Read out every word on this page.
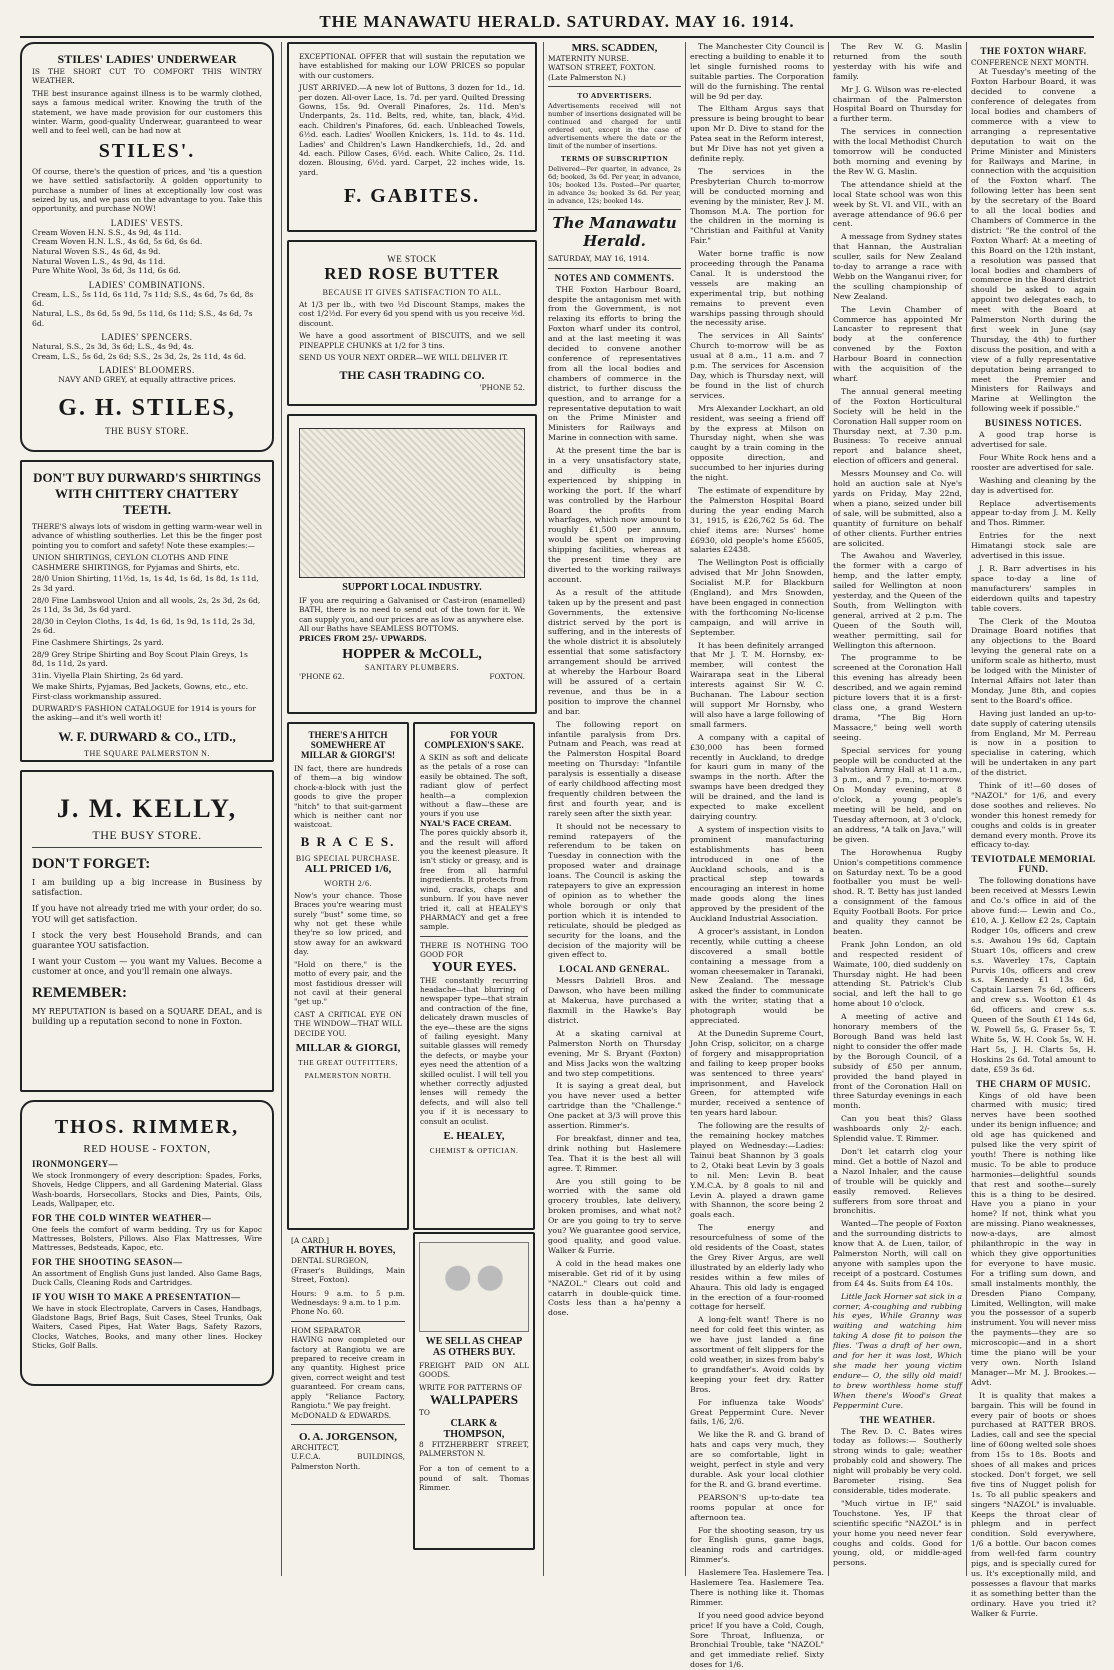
THE MANAWATU HERALD. SATURDAY. MAY 16. 1914.
STILES' LADIES' UNDERWEAR
IS THE SHORT CUT TO COMFORT THIS WINTRY WEATHER.
THE best insurance against illness is to be warmly clothed, says a famous medical writer. Knowing the truth of the statement, we have made provision for our customers this winter. Warm, good-quality Underwear, guaranteed to wear well and to feel well, can be had now at
STILES'.
Of course, there's the question of prices, and 'tis a question we have settled satisfactorily. A golden opportunity to purchase a number of lines at exceptionally low cost was seized by us, and we pass on the advantage to you. Take this opportunity, and purchase NOW!
LADIES' VESTS.
Cream Woven H.N. S.S., 4s 9d, 4s 11d.
Cream Woven H.N. L.S., 4s 6d, 5s 6d, 6s 6d.
Natural Woven S.S., 4s 6d, 4s 9d.
Natural Woven L.S., 4s 9d, 4s 11d.
Pure White Wool, 3s 6d, 3s 11d, 6s 6d.
LADIES' COMBINATIONS.
Cream, L.S., 5s 11d, 6s 11d, 7s 11d; S.S., 4s 6d, 7s 6d, 8s 6d.
Natural, L.S., 8s 6d, 5s 9d, 5s 11d, 6s 11d; S.S., 4s 6d, 7s 6d.
LADIES' SPENCERS.
Natural, S.S., 2s 3d, 3s 6d; L.S., 4s 9d, 4s.
Cream, L.S., 5s 6d, 2s 6d; S.S., 2s 3d, 2s, 2s 11d, 4s 6d.
LADIES' BLOOMERS.
NAVY AND GREY, at equally attractive prices.
G. H. STILES,
THE BUSY STORE.
DON'T BUY DURWARD'S SHIRTINGS WITH CHITTERY CHATTERY TEETH.
THERE'S always lots of wisdom in getting warm-wear well in advance of whistling southerlies. Let this be the finger post pointing you to comfort and safety! Note these examples:—
UNION SHIRTINGS, CEYLON CLOTHS AND FINE CASHMERE SHIRTINGS, for Pyjamas and Shirts, etc.
28/0 Union Shirting, 11½d, 1s, 1s 4d, 1s 6d, 1s 8d, 1s 11d, 2s 3d yard.
28/0 Fine Lambswool Union and all wools, 2s, 2s 3d, 2s 6d, 2s 11d, 3s 3d, 3s 6d yard.
28/30 in Ceylon Cloths, 1s 4d, 1s 6d, 1s 9d, 1s 11d, 2s 3d, 2s 6d.
Fine Cashmere Shirtings, 2s yard.
28/9 Grey Stripe Shirting and Boy Scout Plain Greys, 1s 8d, 1s 11d, 2s yard.
31in. Viyella Plain Shirting, 2s 6d yard.
We make Shirts, Pyjamas, Bed Jackets, Gowns, etc., etc. First-class workmanship assured.
DURWARD'S FASHION CATALOGUE for 1914 is yours for the asking—and it's well worth it!
W. F. DURWARD & CO., LTD.,
THE SQUARE PALMERSTON N.
J. M. KELLY,
THE BUSY STORE.
DON'T FORGET:
I am building up a big increase in Business by satisfaction.
If you have not already tried me with your order, do so. YOU will get satisfaction.
I stock the very best Household Brands, and can guarantee YOU satisfaction.
I want your Custom — you want my Values. Become a customer at once, and you'll remain one always.
REMEMBER:
MY REPUTATION is based on a SQUARE DEAL, and is building up a reputation second to none in Foxton.
THOS. RIMMER,
RED HOUSE - FOXTON,
IRONMONGERY—
We stock Ironmongery of every description: Spades, Forks, Shovels, Hedge Clippers, and all Gardening Material. Glass Wash-boards, Horsecollars, Stocks and Dies, Paints, Oils, Leads, Wallpaper, etc.
FOR THE COLD WINTER WEATHER—
One feels the comfort of warm bedding. Try us for Kapoc Mattresses, Bolsters, Pillows. Also Flax Mattresses, Wire Mattresses, Bedsteads, Kapoc, etc.
FOR THE SHOOTING SEASON—
An assortment of English Guns just landed. Also Game Bags, Duck Calls, Cleaning Rods and Cartridges.
IF YOU WISH TO MAKE A PRESENTATION—
We have in stock Electroplate, Carvers in Cases, Handbags, Gladstone Bags, Brief Bags, Suit Cases, Steel Trunks, Oak Waiters, Cased Pipes, Hat Water Bags, Safety Razors, Clocks, Watches, Books, and many other lines. Hockey Sticks, Golf Balls.
EXCEPTIONAL OFFER that will sustain the reputation we have established for making our LOW PRICES so popular with our customers.
JUST ARRIVED.—A new lot of Buttons, 3 dozen for 1d., 1d. per dozen. All-over Lace, 1s. 7d. per yard. Quilted Dressing Gowns, 15s. 9d. Overall Pinafores, 2s. 11d. Men's Underpants, 2s. 11d. Belts, red, white, tan, black, 4½d. each. Children's Pinafores, 6d. each. Unbleached Towels, 6½d. each. Ladies' Woollen Knickers, 1s. 11d. to 4s. 11d. Ladies' and Children's Lawn Handkerchiefs, 1d., 2d. and 4d. each. Pillow Cases, 6½d. each. White Calico, 2s. 11d. dozen. Blousing, 6½d. yard. Carpet, 22 inches wide, 1s. yard.
F. GABITES.
WE STOCK
RED ROSE BUTTER
BECAUSE IT GIVES SATISFACTION TO ALL.
At 1/3 per lb., with two ½d Discount Stamps, makes the cost 1/2½d. For every 6d you spend with us you receive ½d. discount.
We have a good assortment of BISCUITS, and we sell PINEAPPLE CHUNKS at 1/2 for 3 tins.
SEND US YOUR NEXT ORDER—WE WILL DELIVER IT.
THE CASH TRADING CO.
'PHONE 52.
SUPPORT LOCAL INDUSTRY.
IF you are requiring a Galvanised or Cast-iron (enamelled) BATH, there is no need to send out of the town for it. We can supply you, and our prices are as low as anywhere else.
All our Baths have SEAMLESS BOTTOMS.
PRICES FROM 25/- UPWARDS.
HOPPER & McCOLL,
SANITARY PLUMBERS.
'PHONE 62.	FOXTON.
THERE'S A HITCH SOMEWHERE AT MILLAR & GIORGI'S!
IN fact, there are hundreds of them—a big window chock-a-block with just the goods to give the proper "hitch" to that suit-garment which is neither cant nor waistcoat.
B R A C E S.
BIG SPECIAL PURCHASE.
ALL PRICED 1/6,
WORTH 2/6.
Now's your chance. Those Braces you're wearing must surely "bust" some time, so why not get these while they're so low priced, and stow away for an awkward day.
"Hold on there," is the motto of every pair, and the most fastidious dresser will not cavil at their general "get up."
CAST A CRITICAL EYE ON THE WINDOW—THAT WILL DECIDE YOU.
MILLAR & GIORGI,
THE GREAT OUTFITTERS,
PALMERSTON NORTH.
FOR YOUR COMPLEXION'S SAKE.
A SKIN as soft and delicate as the petals of a rose can easily be obtained. The soft, radiant glow of perfect health—a complexion without a flaw—these are yours if you use
NYAL'S FACE CREAM.
The pores quickly absorb it, and the result will afford you the keenest pleasure. It isn't sticky or greasy, and is free from all harmful ingredients. It protects from wind, cracks, chaps and sunburn. If you have never tried it, call at HEALEY'S PHARMACY and get a free sample.
THERE IS NOTHING TOO GOOD FOR
YOUR EYES.
THE constantly recurring headache—that blurring of newspaper type—that strain and contraction of the fine, delicately drawn muscles of the eye—these are the signs of failing eyesight. Many suitable glasses will remedy the defects, or maybe your eyes need the attention of a skilled oculist. I will tell you whether correctly adjusted lenses will remedy the defects, and will also tell you if it is necessary to consult an oculist.
E. HEALEY,
CHEMIST & OPTICIAN.
[A CARD.]
ARTHUR H. BOYES,
DENTAL SURGEON,
(Fraser's Buildings, Main Street, Foxton).
Hours: 9 a.m. to 5 p.m. Wednesdays: 9 a.m. to 1 p.m.
Phone No. 60.
HOM SEPARATOR
HAVING now completed our factory at Rangiotu we are prepared to receive cream in any quantity. Highest price given, correct weight and test guaranteed. For cream cans, apply "Reliance Factory, Rangiotu." We pay freight.
McDONALD & EDWARDS.
O. A. JORGENSON,
ARCHITECT,
U.F.C.A. BUILDINGS, Palmerston North.
WE SELL AS CHEAP AS OTHERS BUY.
FREIGHT PAID ON ALL GOODS.
WRITE FOR PATTERNS OF
WALLPAPERS
TO
CLARK & THOMPSON,
8 FITZHERBERT STREET, PALMERSTON N.
For a ton of cement to a pound of salt. Thomas Rimmer.
MRS. SCADDEN,
MATERNITY NURSE.
WATSON STREET, FOXTON.
(Late Palmerston N.)
TO ADVERTISERS.
Advertisements received will not number of insertions designated will be continued and charged for until ordered out, except in the case of advertisements where the date or the limit of the number of insertions.
TERMS OF SUBSCRIPTION
Delivered—Per quarter, in advance, 2s 6d; booked, 3s 6d. Per year, in advance, 10s; booked 13s. Posted—Per quarter, in advance 3s; booked 3s 6d. Per year, in advance, 12s; booked 14s.
The Manawatu Herald.
SATURDAY, MAY 16, 1914.
NOTES AND COMMENTS.

THE Foxton Harbour Board, despite the antagonism met with from the Government, is not relaxing its efforts to bring the Foxton wharf under its control, and at the last meeting it was decided to convene another conference of representatives from all the local bodies and chambers of commerce in the district, to further discuss the question, and to arrange for a representative deputation to wait on the Prime Minister and Ministers for Railways and Marine in connection with same.

At the present time the bar is in a very unsatisfactory state, and difficulty is being experienced by shipping in working the port. If the wharf was controlled by the Harbour Board the profits from wharfages, which now amount to roughly £1,500 per annum, would be spent on improving shipping facilities, whereas at the present time they are diverted to the working railways account.

As a result of the attitude taken up by the present and past Governments, the extensive district served by the port is suffering, and in the interests of the whole district it is absolutely essential that some satisfactory arrangement should be arrived at whereby the Harbour Board will be assured of a certain revenue, and thus be in a position to improve the channel and bar.

The following report on infantile paralysis from Drs. Putnam and Peach, was read at the Palmerston Hospital Board meeting on Thursday: "Infantile paralysis is essentially a disease of early childhood affecting most frequently children between the first and fourth year, and is rarely seen after the sixth year.

It should not be necessary to remind ratepayers of the referendum to be taken on Tuesday in connection with the proposed water and drainage loans. The Council is asking the ratepayers to give an expression of opinion as to whether the whole borough or only that portion which it is intended to reticulate, should be pledged as security for the loans, and the decision of the majority will be given effect to.

LOCAL AND GENERAL.

Messrs Dalziell Bros. and Dawson, who have been milling at Makerua, have purchased a flaxmill in the Hawke's Bay district.

At a skating carnival at Palmerston North on Thursday evening, Mr S. Bryant (Foxton) and Miss Jacks won the waltzing and two step competitions.

It is saying a great deal, but you have never used a better cartridge than the "Challenge." One packet at 3/3 will prove this assertion. Rimmer's.

For breakfast, dinner and tea, drink nothing but Haslemere Tea. That it is the best all will agree. T. Rimmer.

Are you still going to be worried with the same old grocery troubles, late delivery, broken promises, and what not? Or are you going to try to serve you? We guarantee good service, good quality, and good value. Walker & Furrie.

A cold in the head makes one miserable. Get rid of it by using "NAZOL." Clears out cold and catarrh in double-quick time. Costs less than a ha'penny a dose.

The Manchester City Council is erecting a building to enable it to let single furnished rooms to suitable parties. The Corporation will do the furnishing. The rental will be 9d per day.

The Eltham Argus says that pressure is being brought to bear upon Mr D. Dive to stand for the Patea seat in the Reform interest, but Mr Dive has not yet given a definite reply.

The services in the Presbyterian Church to-morrow will be conducted morning and evening by the minister, Rev J. M. Thomson M.A. The portion for the children in the morning is "Christian and Faithful at Vanity Fair."

Water borne traffic is now proceeding through the Panama Canal. It is understood the vessels are making an experimental trip, but nothing remains to prevent even warships passing through should the necessity arise.

The services in All Saints' Church to-morrow will be as usual at 8 a.m., 11 a.m. and 7 p.m. The services for Ascension Day, which is Thursday next, will be found in the list of church services.

Mrs Alexander Lockhart, an old resident, was seeing a friend off by the express at Milson on Thursday night, when she was caught by a train coming in the opposite direction, and succumbed to her injuries during the night.

The estimate of expenditure by the Palmerston Hospital Board during the year ending March 31, 1915, is £26,762 5s 6d. The chief items are: Nurses' home £6930, old people's home £5605, salaries £2438.

The Wellington Post is officially advised that Mr John Snowden, Socialist M.P. for Blackburn (England), and Mrs Snowden, have been engaged in connection with the forthcoming No-license campaign, and will arrive in September.

It has been definitely arranged that Mr J. T. M. Hornsby, ex-member, will contest the Wairarapa seat in the Liberal interests against Sir W. C. Buchanan. The Labour section will support Mr Hornsby, who will also have a large following of small farmers.

A company with a capital of £30,000 has been formed recently in Auckland, to dredge for kauri gum in many of the swamps in the north. After the swamps have been dredged they will be drained, and the land is expected to make excellent dairying country.

A system of inspection visits to prominent manufacturing establishments has been introduced in one of the Auckland schools, and is a practical step towards encouraging an interest in home made goods along the lines approved by the president of the Auckland Industrial Association.

A grocer's assistant, in London recently, while cutting a cheese discovered a small bottle containing a message from a woman cheesemaker in Taranaki, New Zealand. The message asked the finder to communicate with the writer, stating that a photograph would be appreciated.

At the Dunedin Supreme Court, John Crisp, solicitor, on a charge of forgery and misappropriation and failing to keep proper books was sentenced to three years' imprisonment, and Havelock Green, for attempted wife murder, received a sentence of ten years hard labour.

The following are the results of the remaining hockey matches played on Wednesday:—Ladies: Tainui beat Shannon by 3 goals to 2, Otaki beat Levin by 3 goals to nil. Men: Levin B. beat Y.M.C.A. by 8 goals to nil and Levin A. played a drawn game with Shannon, the score being 2 goals each.

The energy and resourcefulness of some of the old residents of the Coast, states the Grey River Argus, are well illustrated by an elderly lady who resides within a few miles of Ahaura. This old lady is engaged in the erection of a four-roomed cottage for herself.

A long-felt want! There is no need for cold feet this winter, as we have just landed a fine assortment of felt slippers for the cold weather, in sizes from baby's to grandfather's. Avoid colds by keeping your feet dry. Ratter Bros.

For influenza take Woods' Great Peppermint Cure. Never fails, 1/6, 2/6.

We like the R. and G. brand of hats and caps very much, they are so comfortable, light in weight, perfect in style and very durable. Ask your local clothier for the R. and G. brand evertime.

PEARSON'S up-to-date tea rooms popular at once for afternoon tea.

For the shooting season, try us for English guns, game bags, cleaning rods and cartridges. Rimmer's.

Haslemere Tea. Haslemere Tea. Haslemere Tea. Haslemere Tea. There is nothing like it. Thomas Rimmer.

If you need good advice beyond price! If you have a Cold, Cough, Sore Throat, Influenza, or Bronchial Trouble, take "NAZOL" and get immediate relief. Sixty doses for 1/6.

The Rev W. G. Maslin returned from the south yesterday with his wife and family.

Mr J. G. Wilson was re-elected chairman of the Palmerston Hospital Board on Thursday for a further term.

The services in connection with the local Methodist Church tomorrow will be conducted both morning and evening by the Rev W. G. Maslin.

The attendance shield at the local State school was won this week by St. VI. and VII., with an average attendance of 96.6 per cent.

A message from Sydney states that Hannan, the Australian sculler, sails for New Zealand to-day to arrange a race with Webb on the Wanganui river, for the sculling championship of New Zealand.

The Levin Chamber of Commerce has appointed Mr Lancaster to represent that body at the conference convened by the Foxton Harbour Board in connection with the acquisition of the wharf.

The annual general meeting of the Foxton Horticultural Society will be held in the Coronation Hall supper room on Thursday next, at 7.30 p.m. Business: To receive annual report and balance sheet, election of officers and general.

Messrs Mounsey and Co. will hold an auction sale at Nye's yards on Friday, May 22nd, when a piano, seized under bill of sale, will be submitted, also a quantity of furniture on behalf of other clients. Further entries are solicited.

The Awahou and Waverley, the former with a cargo of hemp, and the latter empty, sailed for Wellington at noon yesterday, and the Queen of the South, from Wellington with general, arrived at 2 p.m. The Queen of the South will, weather permitting, sail for Wellington this afternoon.

The programme to be screened at the Coronation Hall this evening has already been described, and we again remind picture lovers that it is a first-class one, a grand Western drama, "The Big Horn Massacre," being well worth seeing.

Special services for young people will be conducted at the Salvation Army Hall at 11 a.m., 3 p.m., and 7 p.m., to-morrow. On Monday evening, at 8 o'clock, a young people's meeting will be held, and on Tuesday afternoon, at 3 o'clock, an address, "A talk on Java," will be given.

The Horowhenua Rugby Union's competitions commence on Saturday next. To be a good footballer you must be well-shod. R. T. Betty has just landed a consignment of the famous Equity Football Boots. For price and quality they cannot be beaten.

Frank John London, an old and respected resident of Waimate, 100, died suddenly on Thursday night. He had been attending St. Patrick's Club social, and left the hall to go home about 10 o'clock.

A meeting of active and honorary members of the Borough Band was held last night to consider the offer made by the Borough Council, of a subsidy of £50 per annum, provided the band played in front of the Coronation Hall on three Saturday evenings in each month.

Can you beat this? Glass washboards only 2/- each. Splendid value. T. Rimmer.

Don't let catarrh clog your mind. Get a bottle of Nazol and a Nazol Inhaler, and the cause of trouble will be quickly and easily removed. Relieves sufferers from sore throat and bronchitis.

Wanted—The people of Foxton and the surrounding districts to know that A. de Luen, tailor, of Palmerston North, will call on anyone with samples upon the receipt of a postcard. Costumes from £4 4s. Suits from £4 10s.

Little Jack Horner sat sick in a corner, A-coughing and rubbing his eyes, While Granny was waiting and watching him taking A dose fit to poison the flies. 'Twas a draft of her own, and for her it was lost, Which she made her young victim endure— O, the silly old maid! to brew worthless home stuff When there's Wood's Great Peppermint Cure.

THE WEATHER.

The Rev. D. C. Bates wires today as follows:— Southerly strong winds to gale; weather probably cold and showery. The night will probably be very cold. Barometer rising. Sea considerable, tides moderate.

"Much virtue in IF," said Touchstone. Yes, IF that scientific specific "NAZOL" is in your home you need never fear coughs and colds. Good for young, old, or middle-aged persons.

THE FOXTON WHARF.
CONFERENCE NEXT MONTH.

At Tuesday's meeting of the Foxton Harbour Board, it was decided to convene a conference of delegates from local bodies and chambers of commerce with a view to arranging a representative deputation to wait on the Prime Minister and Ministers for Railways and Marine, in connection with the acquisition of the Foxton wharf. The following letter has been sent by the secretary of the Board to all the local bodies and Chambers of Commerce in the district: "Re the control of the Foxton Wharf: At a meeting of this Board on the 12th instant, a resolution was passed that local bodies and chambers of commerce in the Board district should be asked to again appoint two delegates each, to meet with the Board at Palmerston North during the first week in June (say Thursday, the 4th) to further discuss the position, and with a view of a fully representative deputation being arranged to meet the Premier and Ministers for Railways and Marine at Wellington the following week if possible."

BUSINESS NOTICES.

A good trap horse is advertised for sale.

Four White Rock hens and a rooster are advertised for sale.

Washing and cleaning by the day is advertised for.

Replace advertisements appear to-day from J. M. Kelly and Thos. Rimmer.

Entries for the next Himatangi stock sale are advertised in this issue.

J. R. Barr advertises in his space to-day a line of manufacturers' samples in eiderdown quilts and tapestry table covers.

The Clerk of the Moutoa Drainage Board notifies that any objections to the Board levying the general rate on a uniform scale as hitherto, must be lodged with the Minister of Internal Affairs not later than Monday, June 8th, and copies sent to the Board's office.

Having just landed an up-to-date supply of catering utensils from England, Mr M. Perreau is now in a position to specialise in catering, which will be undertaken in any part of the district.

Think of it!—60 doses of "NAZOL" for 1/6, and every dose soothes and relieves. No wonder this honest remedy for coughs and colds is in greater demand every month. Prove its efficacy to-day.

TEVIOTDALE MEMORIAL FUND.

The following donations have been received at Messrs Lewin and Co.'s office in aid of the above fund:— Lewin and Co., £10, A. J. Kellow £2 2s, Captain Rodger 10s, officers and crew s.s. Awahou 19s 6d, Captain Stuart 10s, officers and crew s.s. Waverley 17s, Captain Purvis 10s, officers and crew s.s. Kennedy £1 13s 6d, Captain Larsen 7s 6d, officers and crew s.s. Wootton £1 4s 6d, officers and crew s.s. Queen of the South £1 14s 6d, W. Powell 5s, G. Fraser 5s, T. White 5s, W. H. Cook 5s, W. H. Hart 5s, J. H. Clarts 5s, H. Hoskins 2s 6d. Total amount to date, £59 3s 6d.

THE CHARM OF MUSIC.

Kings of old have been charmed with music; tired nerves have been soothed under its benign influence; and old age has quickened and pulsed like the very spirit of youth! There is nothing like music. To be able to produce harmonies—delightful sounds that rest and soothe—surely this is a thing to be desired. Have you a piano in your home? If not, think what you are missing. Piano weaknesses, now-a-days, are almost philanthropic in the way in which they give opportunities for everyone to have music. For a trifling sum down, and small instalments monthly, the Dresden Piano Company, Limited, Wellington, will make you the possessor of a superb instrument. You will never miss the payments—they are so microscopic—and in a short time the piano will be your very own. North Island Manager—Mr M. J. Brookes.—Advt.

It is quality that makes a bargain. This will be found in every pair of boots or shoes purchased at RATTER BROS. Ladies, call and see the special line of 60ong welted sole shoes from 15s to 18s. Boots and shoes of all makes and prices stocked. Don't forget, we sell five tins of Nugget polish for 1s. To all public speakers and singers "NAZOL" is invaluable. Keeps the throat clear of phlegm and in perfect condition. Sold everywhere, 1/6 a bottle. Our bacon comes from well-fed farm country pigs, and is specially cured for us. It's exceptionally mild, and possesses a flavour that marks it as something better than the ordinary. Have you tried it? Walker & Furrie.
